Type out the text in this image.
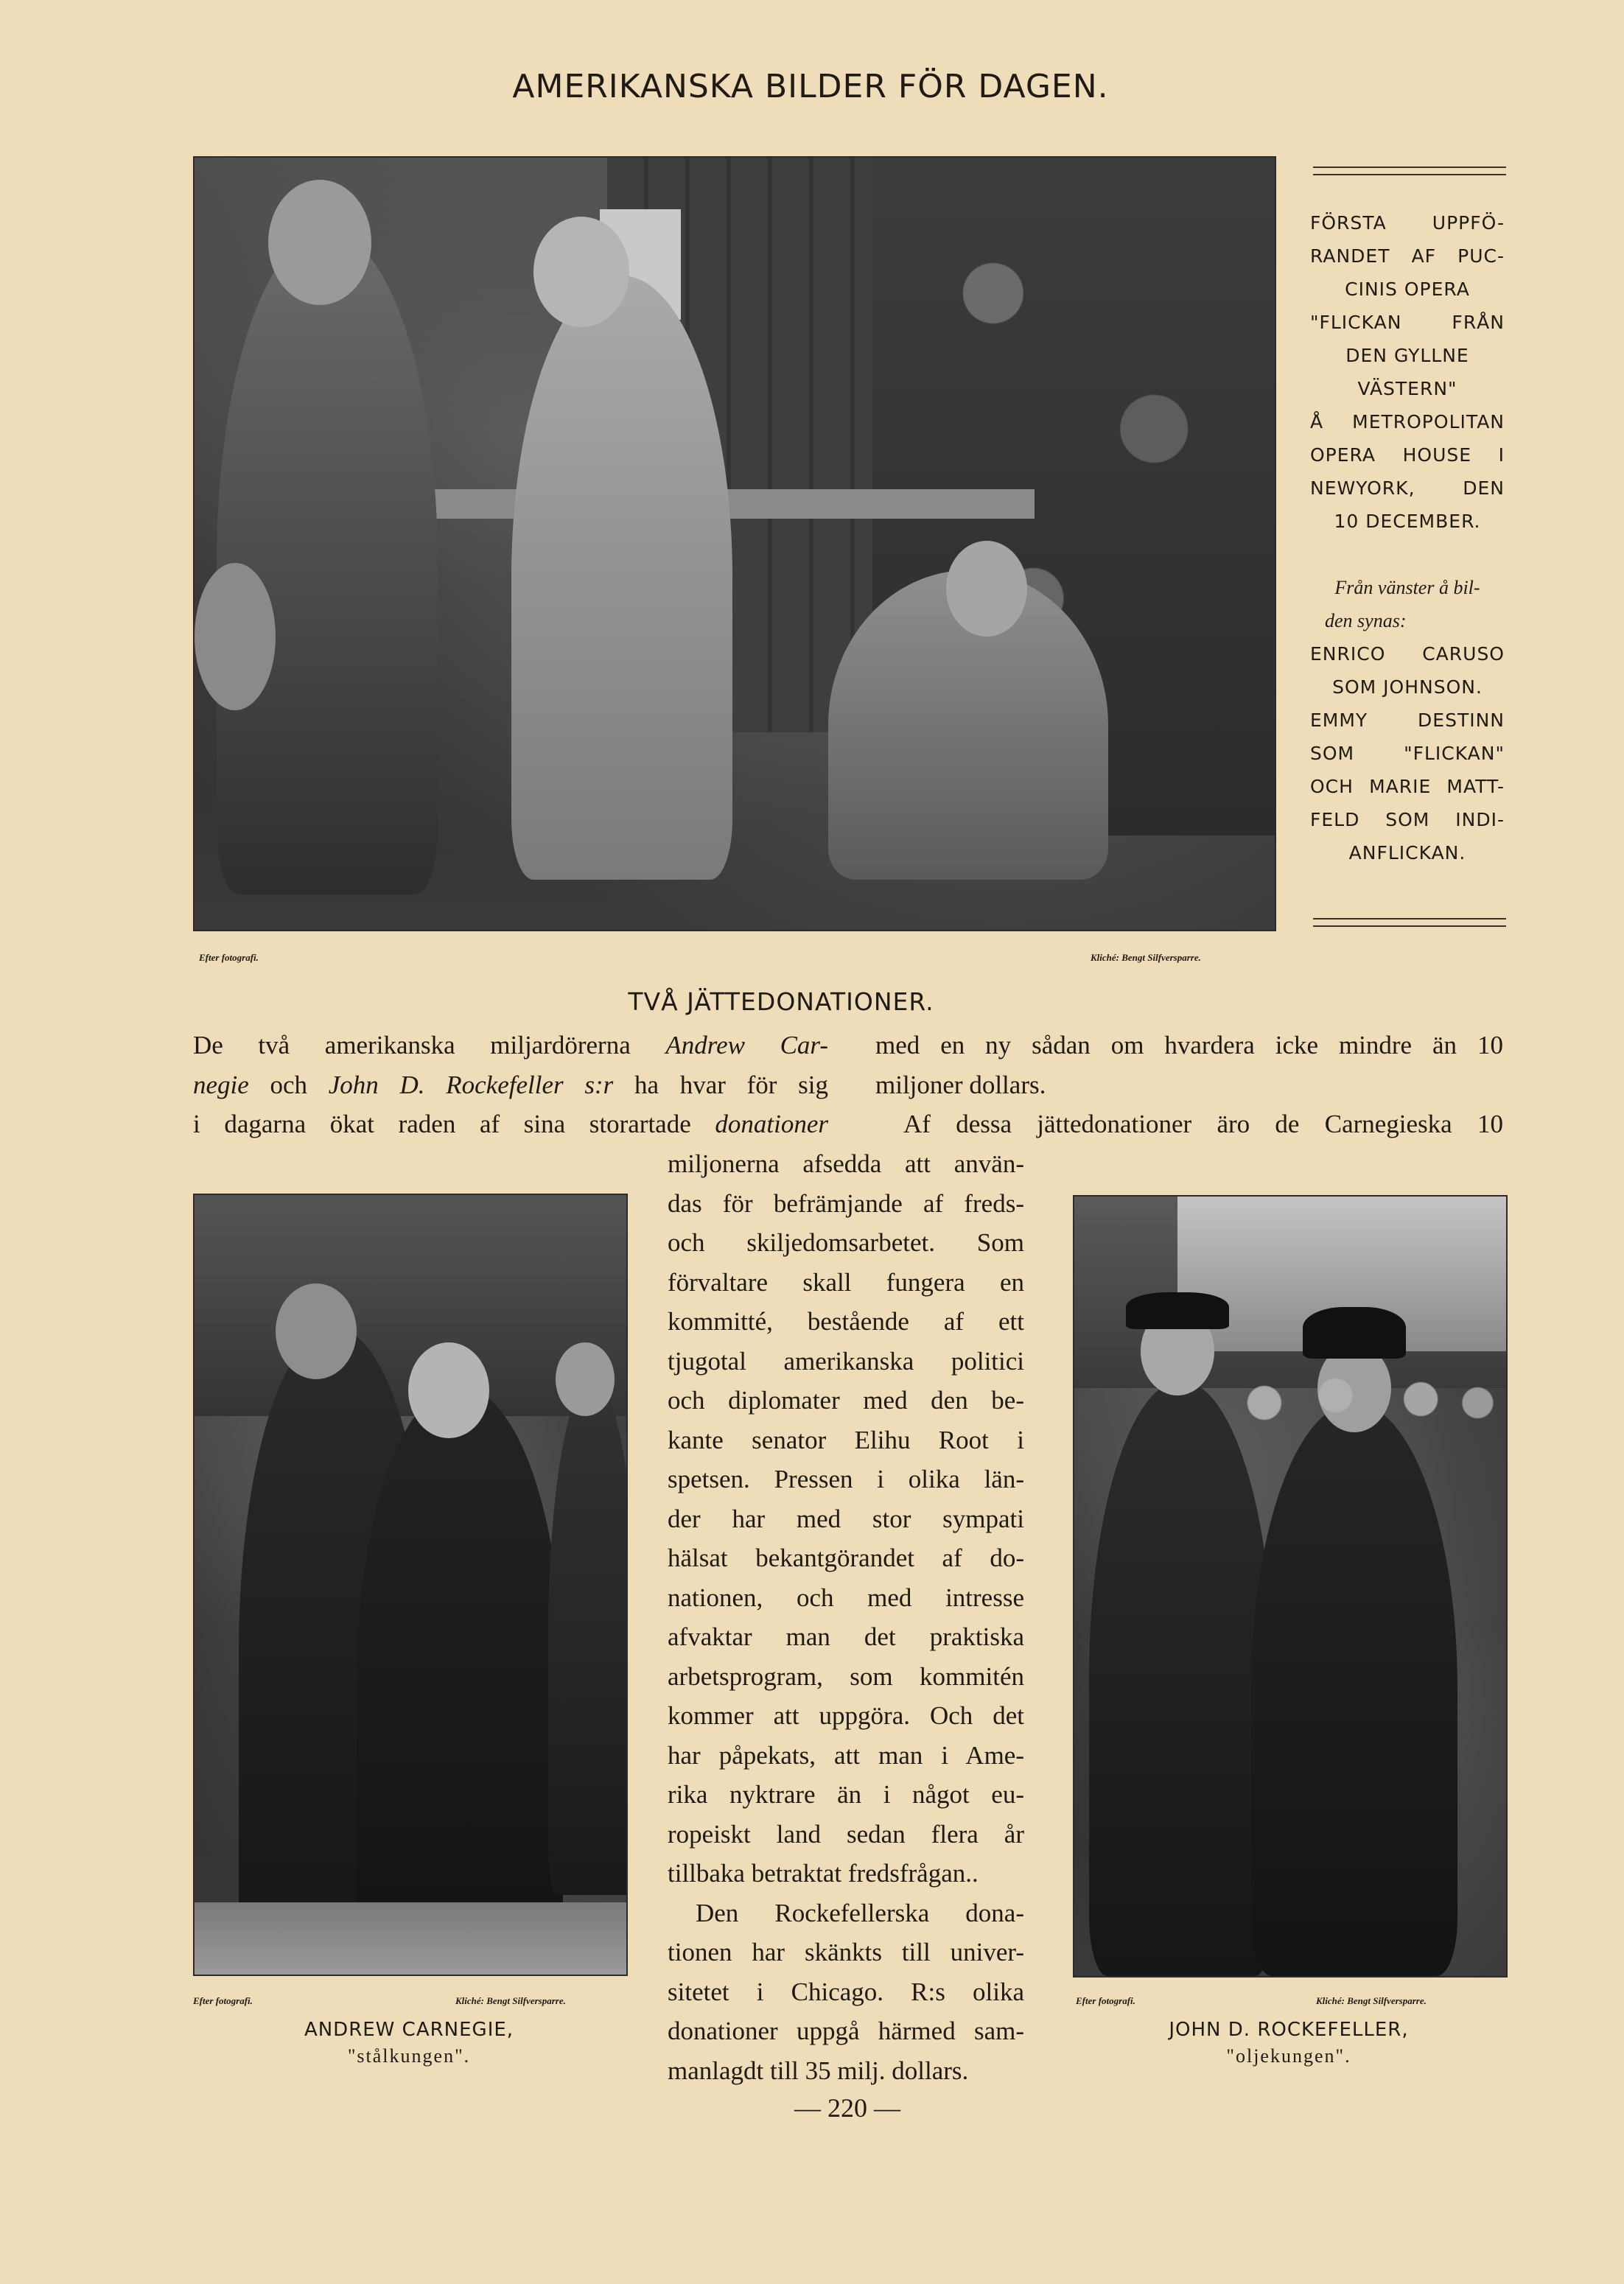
AMERIKANSKA BILDER FÖR DAGEN.
FÖRSTA UPPFÖ-
RANDET AF PUC-
CINIS OPERA
"FLICKAN FRÅN
DEN GYLLNE
VÄSTERN"
Å METROPOLITAN
OPERA HOUSE I
NEWYORK, DEN
10 DECEMBER.
Från vänster å bil-
den synas:
ENRICO CARUSO
SOM JOHNSON.
EMMY DESTINN
SOM "FLICKAN"
OCH MARIE MATT-
FELD SOM INDI-
ANFLICKAN.
Efter fotografi.	Kliché: Bengt Silfversparre.
TVÅ JÄTTEDONATIONER.
De två amerikanska miljardörerna Andrew Car-
negie och John D. Rockefeller s:r ha hvar för sig
i dagarna ökat raden af sina storartade donationer
med en ny sådan om hvardera icke mindre än 10
miljoner dollars.
Af dessa jättedonationer äro de Carnegieska 10
miljonerna afsedda att använ-
das för befrämjande af freds-
och skiljedomsarbetet. Som
förvaltare skall fungera en
kommitté, bestående af ett
tjugotal amerikanska politici
och diplomater med den be-
kante senator Elihu Root i
spetsen. Pressen i olika län-
der har med stor sympati
hälsat bekantgörandet af do-
nationen, och med intresse
afvaktar man det praktiska
arbetsprogram, som kommitén
kommer att uppgöra. Och det
har påpekats, att man i Ame-
rika nyktrare än i något eu-
ropeiskt land sedan flera år
tillbaka betraktat fredsfrågan..
Den Rockefellerska dona-
tionen har skänkts till univer-
sitetet i Chicago. R:s olika
donationer uppgå härmed sam-
manlagdt till 35 milj. dollars.
Efter fotografi.	Kliché: Bengt Silfversparre.
ANDREW CARNEGIE,
"stålkungen".
Efter fotografi.	Kliché: Bengt Silfversparre.
JOHN D. ROCKEFELLER,
"oljekungen".
— 220 —
